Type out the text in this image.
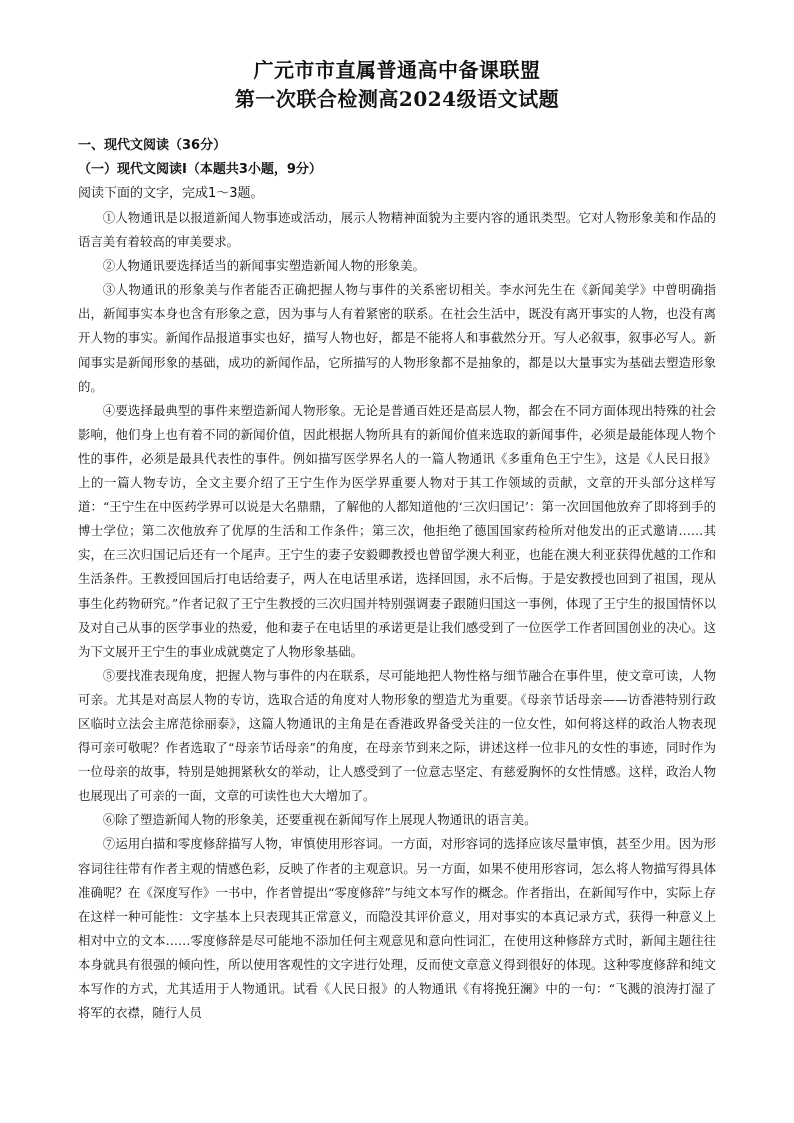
广元市市直属普通高中备课联盟
第一次联合检测高2024级语文试题
一、现代文阅读（36分）
（一）现代文阅读Ⅰ（本题共3小题，9分）
阅读下面的文字，完成1～3题。

①人物通讯是以报道新闻人物事迹或活动，展示人物精神面貌为主要内容的通讯类型。它对人物形象美和作品的语言美有着较高的审美要求。

②人物通讯要选择适当的新闻事实塑造新闻人物的形象美。

③人物通讯的形象美与作者能否正确把握人物与事件的关系密切相关。李水河先生在《新闻美学》中曾明确指出，新闻事实本身也含有形象之意，因为事与人有着紧密的联系。在社会生活中，既没有离开事实的人物，也没有离开人物的事实。新闻作品报道事实也好，描写人物也好，都是不能将人和事截然分开。写人必叙事，叙事必写人。新闻事实是新闻形象的基础，成功的新闻作品，它所描写的人物形象都不是抽象的，都是以大量事实为基础去塑造形象的。

④要选择最典型的事件来塑造新闻人物形象。无论是普通百姓还是高层人物，都会在不同方面体现出特殊的社会影响，他们身上也有着不同的新闻价值，因此根据人物所具有的新闻价值来选取的新闻事件，必须是最能体现人物个性的事件，必须是最具代表性的事件。例如描写医学界名人的一篇人物通讯《多重角色王宁生》，这是《人民日报》上的一篇人物专访，全文主要介绍了王宁生作为医学界重要人物对于其工作领域的贡献，文章的开头部分这样写道：“王宁生在中医药学界可以说是大名鼎鼎，了解他的人都知道他的‘三次归国记’：第一次回国他放弃了即将到手的博士学位；第二次他放弃了优厚的生活和工作条件；第三次，他拒绝了德国国家药检所对他发出的正式邀请……其实，在三次归国记后还有一个尾声。王宁生的妻子安毅卿教授也曾留学澳大利亚，也能在澳大利亚获得优越的工作和生活条件。王教授回国后打电话给妻子，两人在电话里承诺，选择回国，永不后悔。于是安教授也回到了祖国，现从事生化药物研究。”作者记叙了王宁生教授的三次归国并特别强调妻子跟随归国这一事例，体现了王宁生的报国情怀以及对自己从事的医学事业的热爱，他和妻子在电话里的承诺更是让我们感受到了一位医学工作者回国创业的决心。这为下文展开王宁生的事业成就奠定了人物形象基础。

⑤要找准表现角度，把握人物与事件的内在联系，尽可能地把人物性格与细节融合在事件里，使文章可读，人物可亲。尤其是对高层人物的专访，选取合适的角度对人物形象的塑造尤为重要。《母亲节话母亲——访香港特别行政区临时立法会主席范徐丽泰》，这篇人物通讯的主角是在香港政界备受关注的一位女性，如何将这样的政治人物表现得可亲可敬呢？作者选取了“母亲节话母亲”的角度，在母亲节到来之际，讲述这样一位非凡的女性的事迹，同时作为一位母亲的故事，特别是她拥紧秋女的举动，让人感受到了一位意志坚定、有慈爱胸怀的女性情感。这样，政治人物也展现出了可亲的一面，文章的可读性也大大增加了。

⑥除了塑造新闻人物的形象美，还要重视在新闻写作上展现人物通讯的语言美。

⑦运用白描和零度修辞描写人物，审慎使用形容词。一方面，对形容词的选择应该尽量审慎，甚至少用。因为形容词往往带有作者主观的情感色彩，反映了作者的主观意识。另一方面，如果不使用形容词，怎么将人物描写得具体准确呢？在《深度写作》一书中，作者曾提出“零度修辞”与纯文本写作的概念。作者指出，在新闻写作中，实际上存在这样一种可能性：文字基本上只表现其正常意义，而隐没其评价意义，用对事实的本真记录方式，获得一种意义上相对中立的文本……零度修辞是尽可能地不添加任何主观意见和意向性词汇，在使用这种修辞方式时，新闻主题往往本身就具有很强的倾向性，所以使用客观性的文字进行处理，反而使文章意义得到很好的体现。这种零度修辞和纯文本写作的方式，尤其适用于人物通讯。试看《人民日报》的人物通讯《有将挽狂澜》中的一句：“飞溅的浪涛打湿了将军的衣襟，随行人员
